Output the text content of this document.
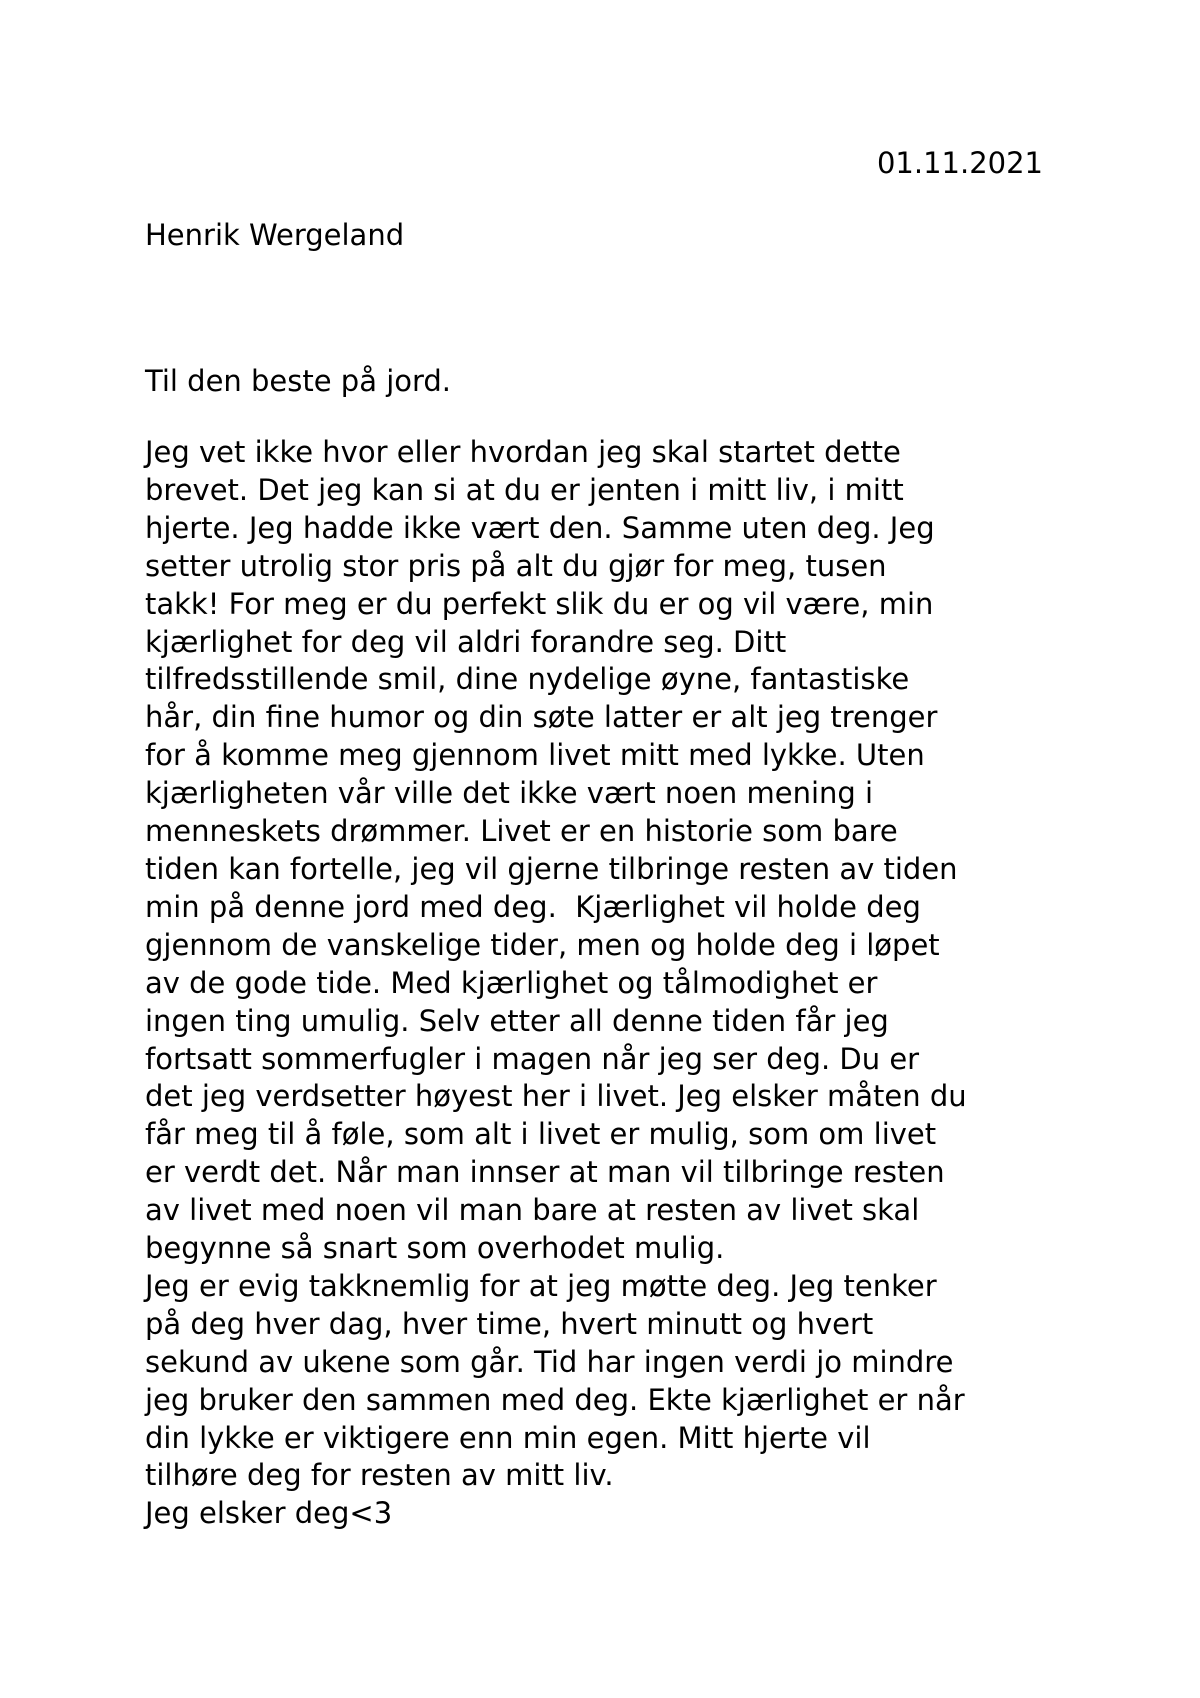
01.11.2021
Henrik Wergeland
Til den beste på jord.
Jeg vet ikke hvor eller hvordan jeg skal startet dette
brevet. Det jeg kan si at du er jenten i mitt liv, i mitt
hjerte. Jeg hadde ikke vært den. Samme uten deg. Jeg
setter utrolig stor pris på alt du gjør for meg, tusen
takk! For meg er du perfekt slik du er og vil være, min
kjærlighet for deg vil aldri forandre seg. Ditt
tilfredsstillende smil, dine nydelige øyne, fantastiske
hår, din fine humor og din søte latter er alt jeg trenger
for å komme meg gjennom livet mitt med lykke. Uten
kjærligheten vår ville det ikke vært noen mening i
menneskets drømmer. Livet er en historie som bare
tiden kan fortelle, jeg vil gjerne tilbringe resten av tiden
min på denne jord med deg.  Kjærlighet vil holde deg
gjennom de vanskelige tider, men og holde deg i løpet
av de gode tide. Med kjærlighet og tålmodighet er
ingen ting umulig. Selv etter all denne tiden får jeg
fortsatt sommerfugler i magen når jeg ser deg. Du er
det jeg verdsetter høyest her i livet. Jeg elsker måten du
får meg til å føle, som alt i livet er mulig, som om livet
er verdt det. Når man innser at man vil tilbringe resten
av livet med noen vil man bare at resten av livet skal
begynne så snart som overhodet mulig.
Jeg er evig takknemlig for at jeg møtte deg. Jeg tenker
på deg hver dag, hver time, hvert minutt og hvert
sekund av ukene som går. Tid har ingen verdi jo mindre
jeg bruker den sammen med deg. Ekte kjærlighet er når
din lykke er viktigere enn min egen. Mitt hjerte vil
tilhøre deg for resten av mitt liv.
Jeg elsker deg<3
